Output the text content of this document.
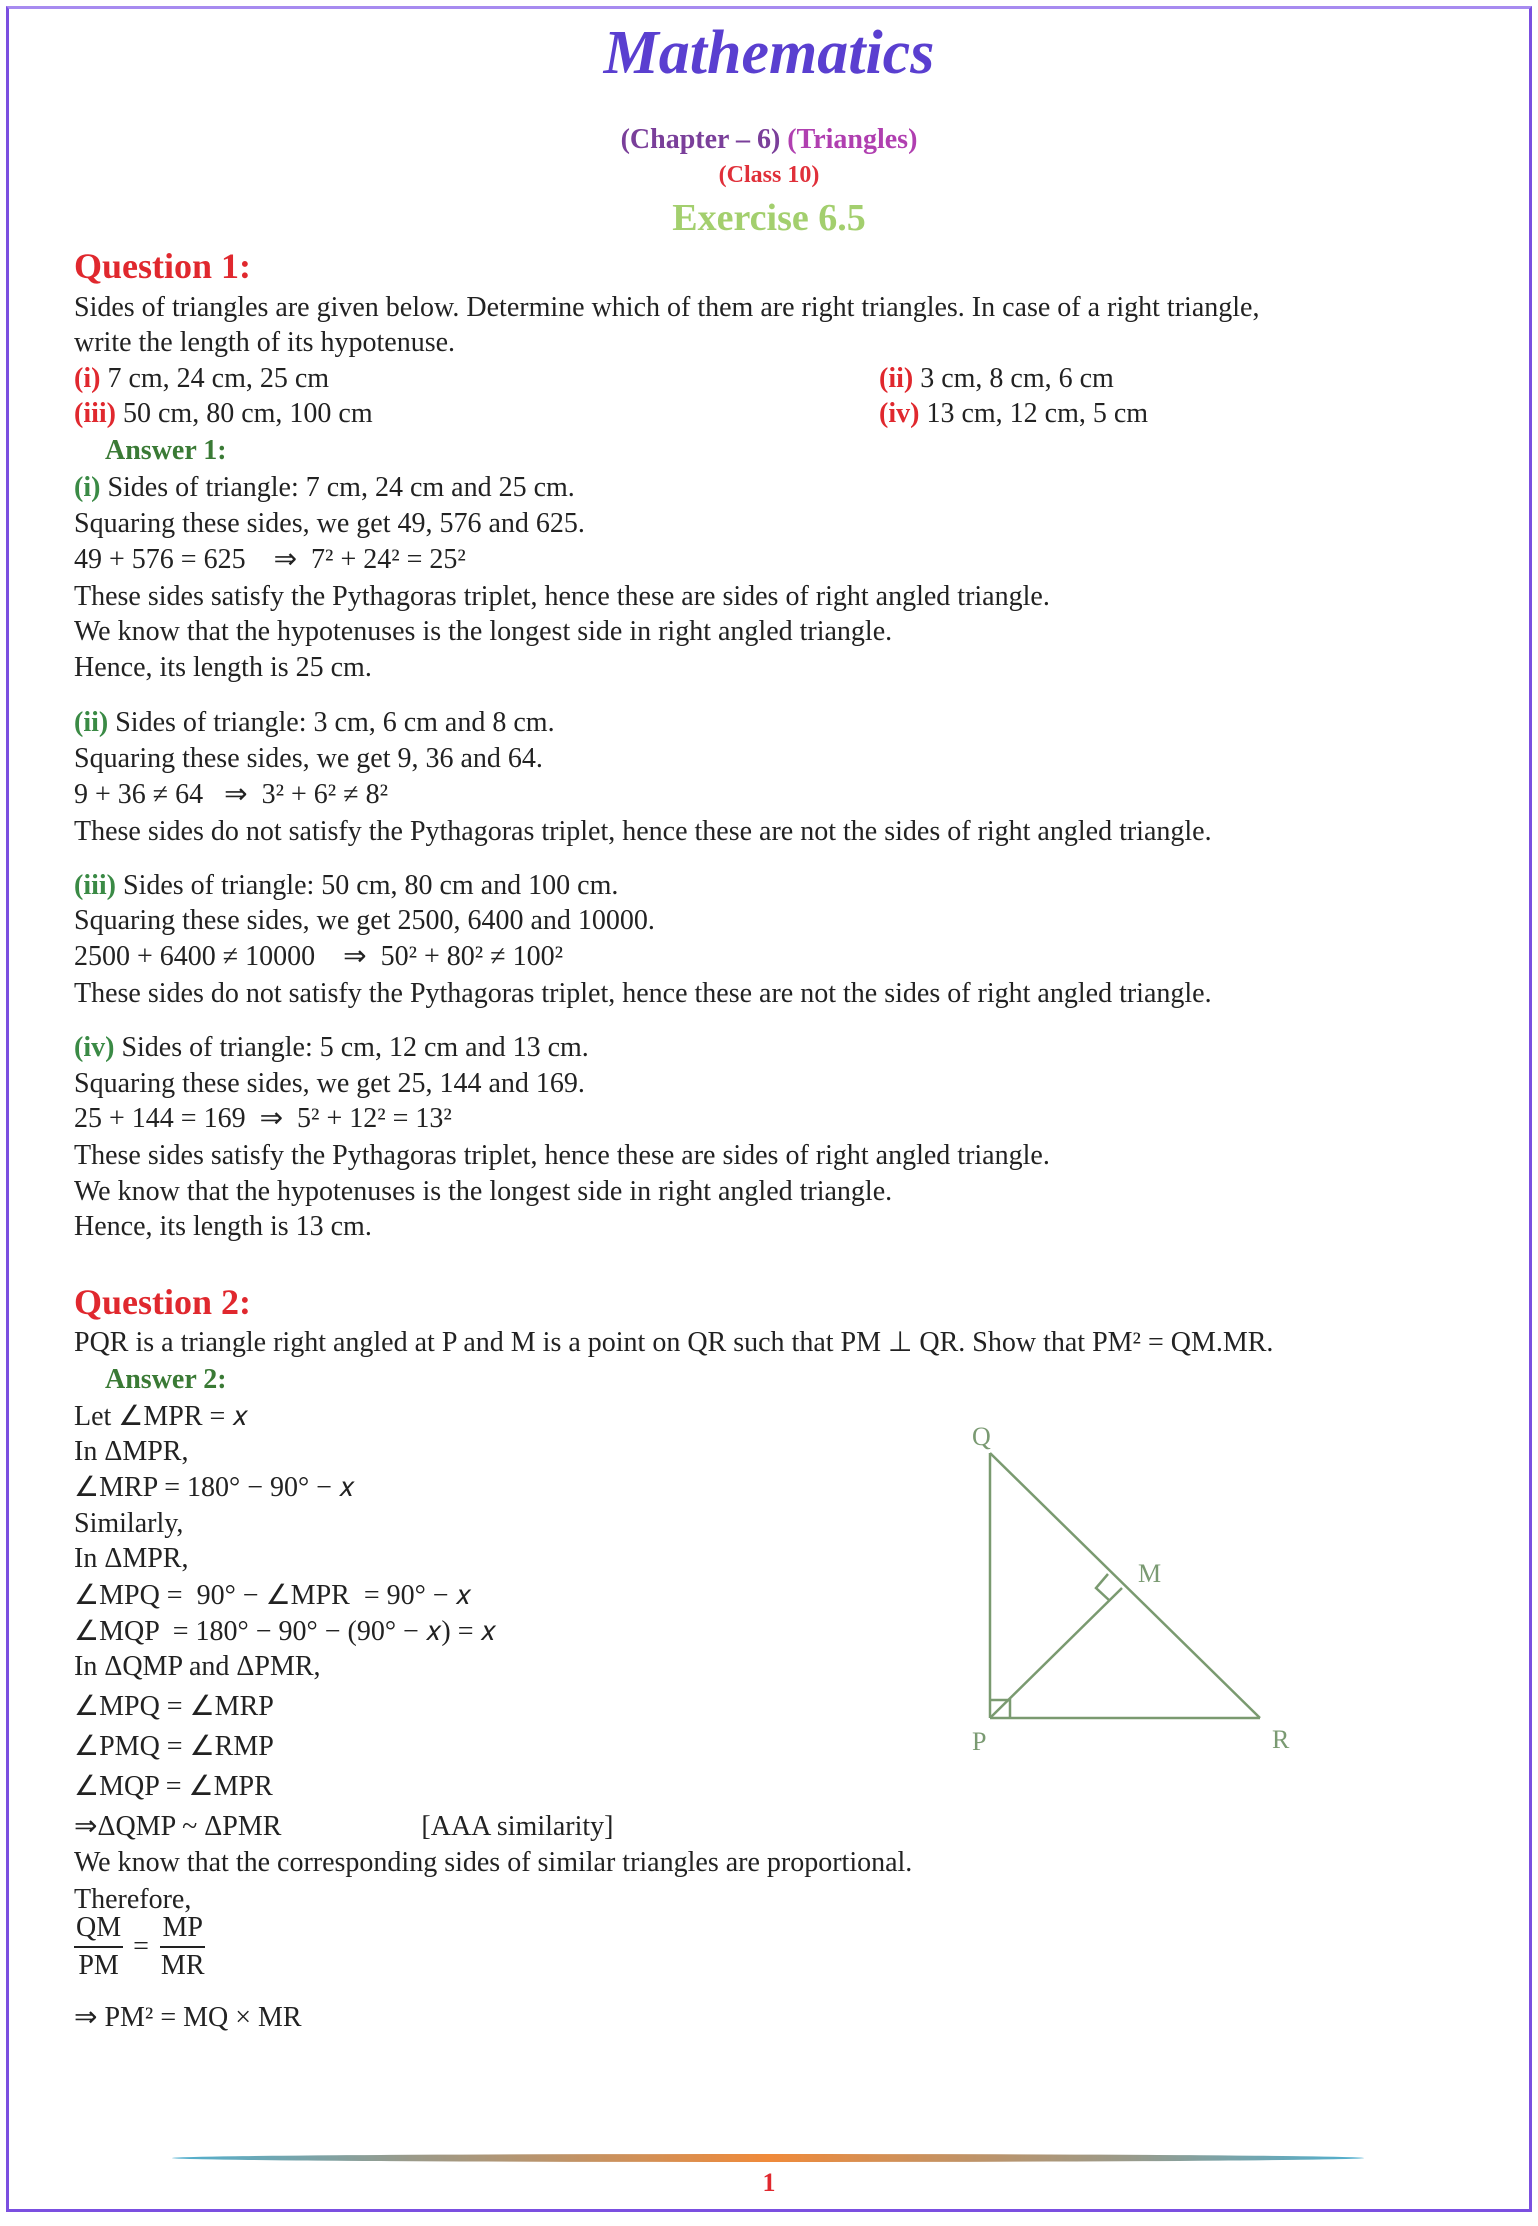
Mathematics
(Chapter – 6) (Triangles)
(Class 10)
Exercise 6.5
Question 1:
Sides of triangles are given below. Determine which of them are right triangles. In case of a right triangle,
write the length of its hypotenuse.
(i) 7 cm, 24 cm, 25 cm	(ii) 3 cm, 8 cm, 6 cm
(iii) 50 cm, 80 cm, 100 cm	(iv) 13 cm, 12 cm, 5 cm
Answer 1:
(i) Sides of triangle: 7 cm, 24 cm and 25 cm.
Squaring these sides, we get 49, 576 and 625.
49 + 576 = 625    ⇒  7² + 24² = 25²
These sides satisfy the Pythagoras triplet, hence these are sides of right angled triangle.
We know that the hypotenuses is the longest side in right angled triangle.
Hence, its length is 25 cm.
(ii) Sides of triangle: 3 cm, 6 cm and 8 cm.
Squaring these sides, we get 9, 36 and 64.
9 + 36 ≠ 64   ⇒  3² + 6² ≠ 8²
These sides do not satisfy the Pythagoras triplet, hence these are not the sides of right angled triangle.
(iii) Sides of triangle: 50 cm, 80 cm and 100 cm.
Squaring these sides, we get 2500, 6400 and 10000.
2500 + 6400 ≠ 10000    ⇒  50² + 80² ≠ 100²
These sides do not satisfy the Pythagoras triplet, hence these are not the sides of right angled triangle.
(iv) Sides of triangle: 5 cm, 12 cm and 13 cm.
Squaring these sides, we get 25, 144 and 169.
25 + 144 = 169  ⇒  5² + 12² = 13²
These sides satisfy the Pythagoras triplet, hence these are sides of right angled triangle.
We know that the hypotenuses is the longest side in right angled triangle.
Hence, its length is 13 cm.
Question 2:
PQR is a triangle right angled at P and M is a point on QR such that PM ⊥ QR. Show that PM² = QM.MR.
Answer 2:
Let ∠MPR = 𝑥
In ΔMPR,
∠MRP = 180° − 90° − 𝑥
Similarly,
In ΔMPR,
∠MPQ =  90° − ∠MPR  = 90° − 𝑥
∠MQP  = 180° − 90° − (90° − 𝑥) = 𝑥
In ΔQMP and ΔPMR,
∠MPQ = ∠MRP
∠PMQ = ∠RMP
∠MQP = ∠MPR
⇒ΔQMP ~ ΔPMR                    [AAA similarity]
We know that the corresponding sides of similar triangles are proportional.
Therefore,
$\frac{QM}{PM} = \frac{MP}{MR}$
⇒ PM² = MQ × MR
Q
M
P	R
1
